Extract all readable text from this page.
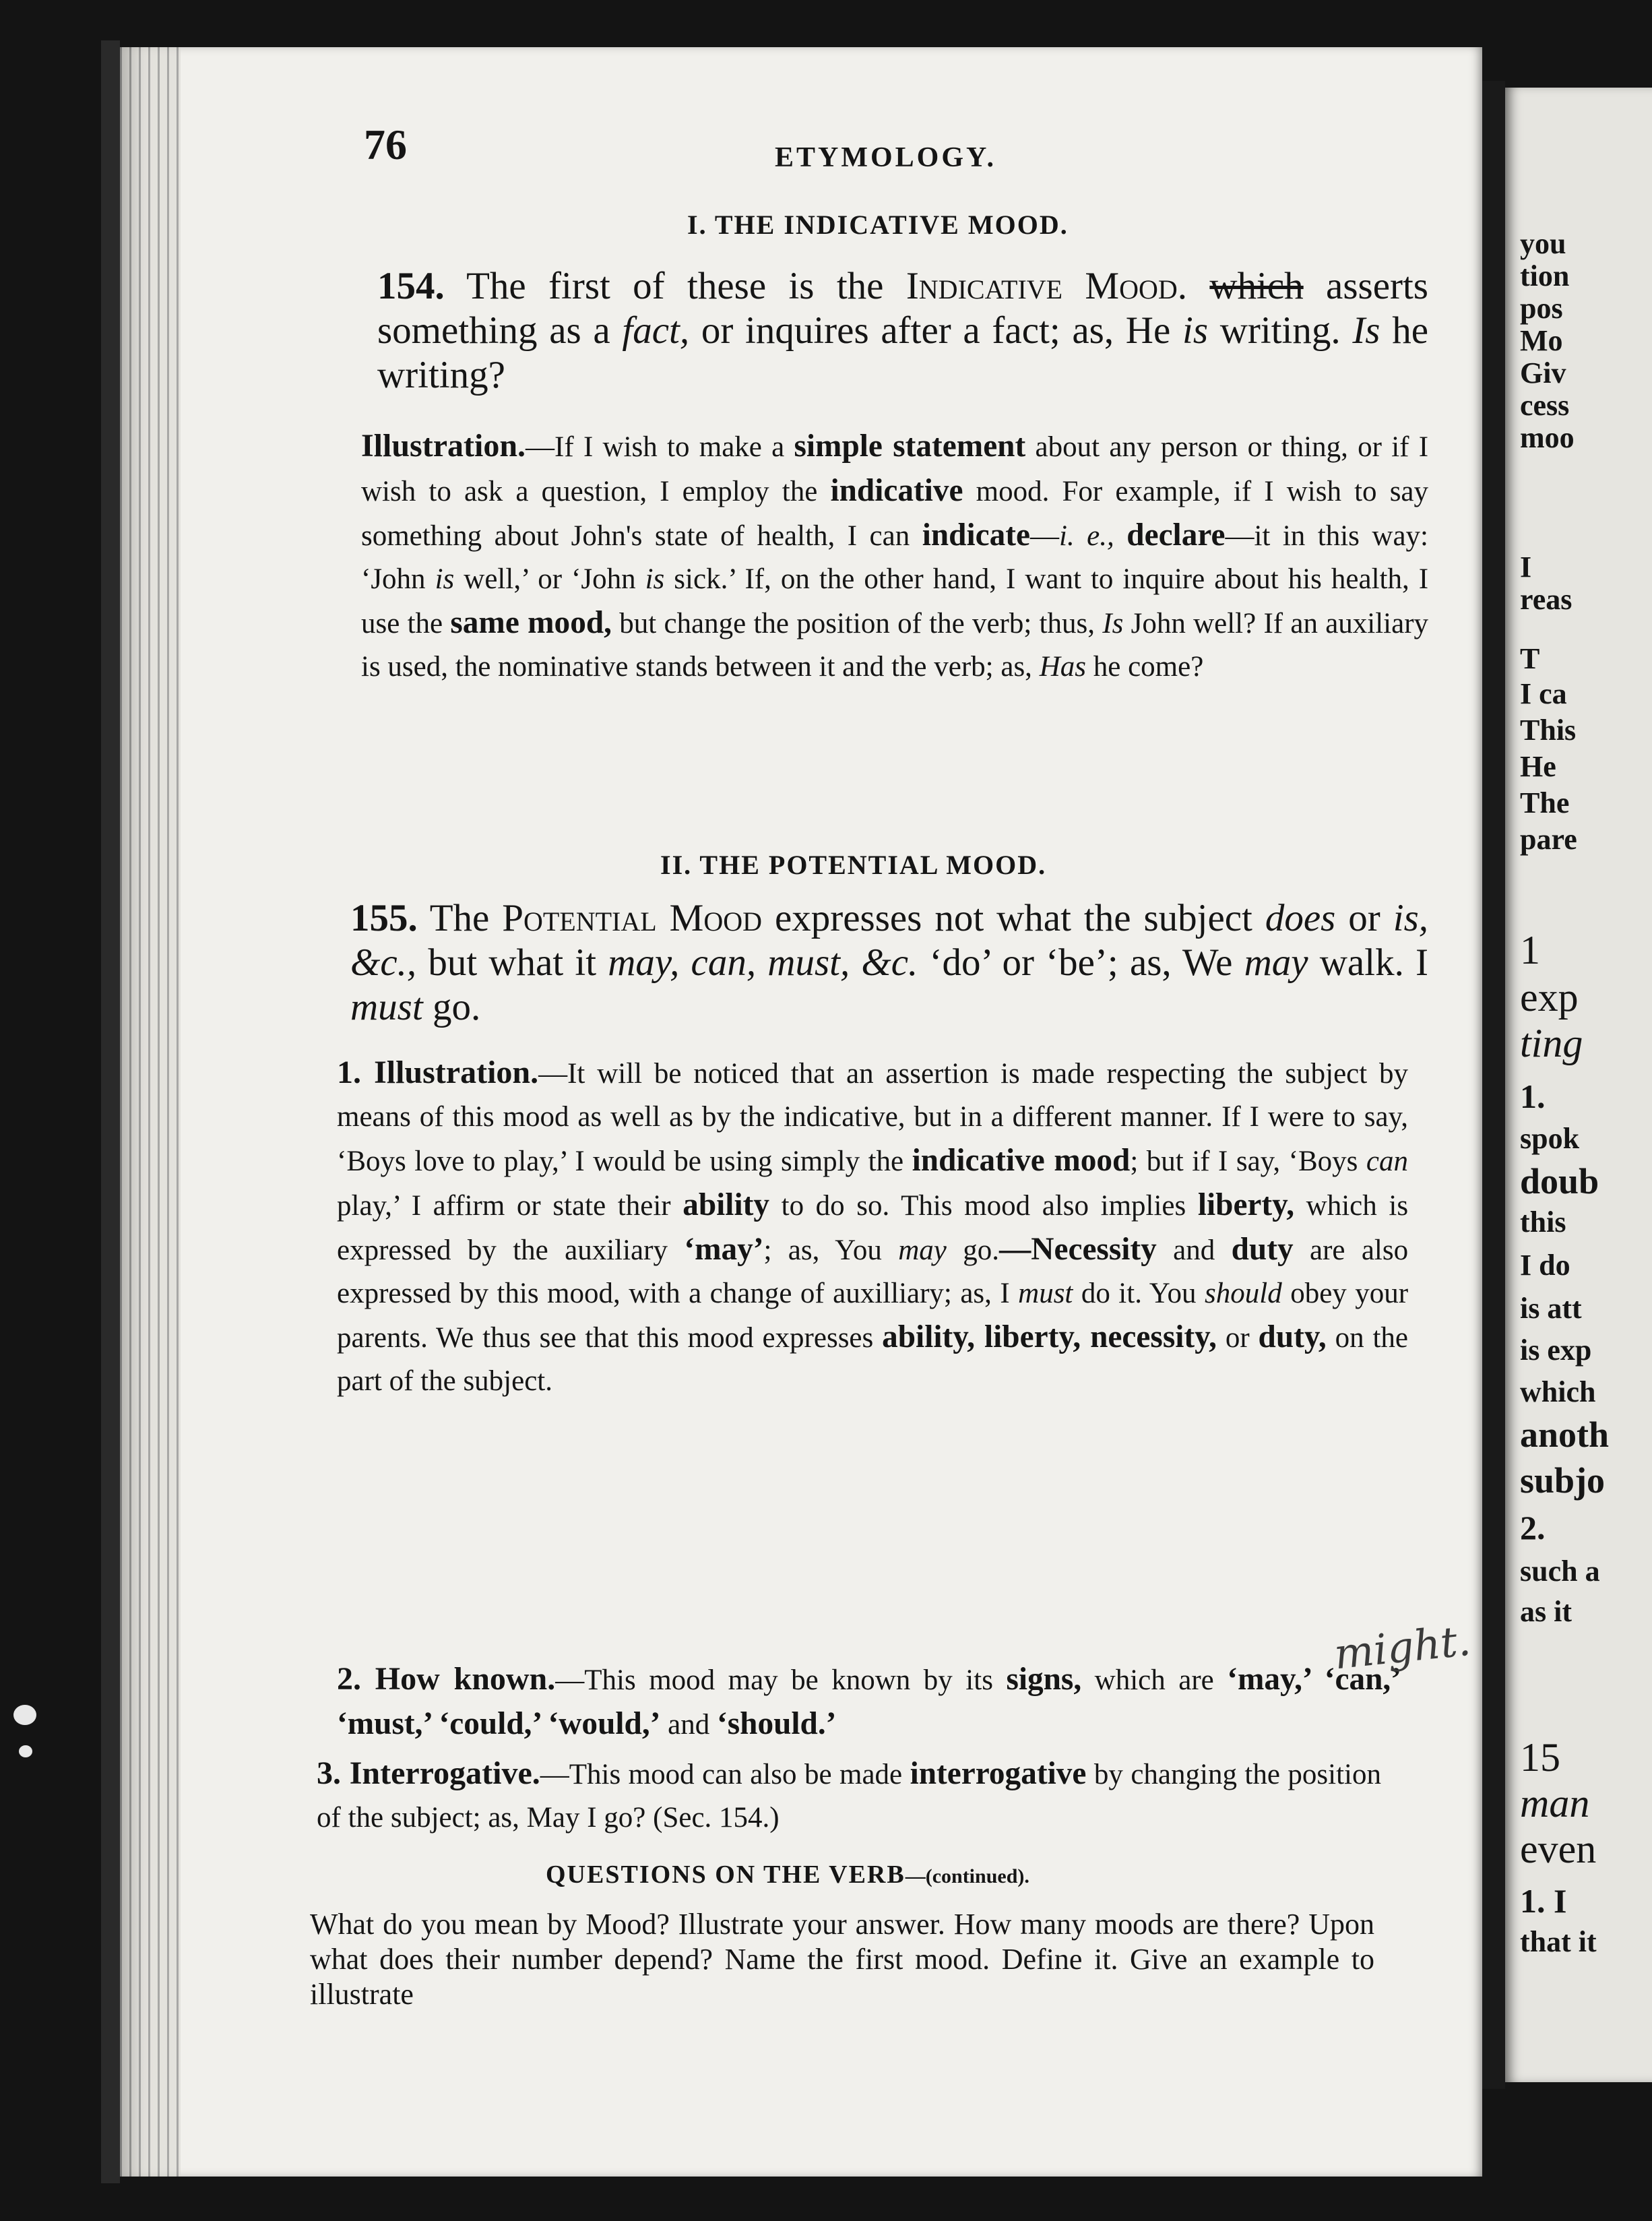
you
tion
pos
Mo
Giv
cess
moo
I
reas
T
I ca
This
He
The
pare
1
exp
ting
1.
spok
doub
this
I do
is att
is exp
which
anoth
subjo
2.
such a
as it
15
man
even
1. I
that it
76	ETYMOLOGY.
I. THE INDICATIVE MOOD.

154. The first of these is the Indicative Mood. which asserts something as a fact, or inquires after a fact; as, He is writing. Is he writing?

Illustration.—If I wish to make a simple statement about any person or thing, or if I wish to ask a question, I employ the indicative mood. For example, if I wish to say something about John's state of health, I can indicate—i. e., declare—it in this way: ‘John is well,’ or ‘John is sick.’ If, on the other hand, I want to inquire about his health, I use the same mood, but change the position of the verb; thus, Is John well? If an auxiliary is used, the nominative stands between it and the verb; as, Has he come?

II. THE POTENTIAL MOOD.

155. The Potential Mood expresses not what the subject does or is, &c., but what it may, can, must, &c. ‘do’ or ‘be’; as, We may walk. I must go.

1. Illustration.—It will be noticed that an assertion is made respecting the subject by means of this mood as well as by the indicative, but in a different manner. If I were to say, ‘Boys love to play,’ I would be using simply the indicative mood; but if I say, ‘Boys can play,’ I affirm or state their ability to do so. This mood also implies liberty, which is expressed by the auxiliary ‘may’; as, You may go.—Necessity and duty are also expressed by this mood, with a change of auxilliary; as, I must do it. You should obey your parents. We thus see that this mood expresses ability, liberty, necessity, or duty, on the part of the subject.

2. How known.—This mood may be known by its signs, which are ‘may,’ ‘can,’ ‘must,’ ‘could,’ ‘would,’ and ‘should.’

3. Interrogative.—This mood can also be made interrogative by changing the position of the subject; as, May I go? (Sec. 154.)

QUESTIONS ON THE VERB—(continued).

What do you mean by Mood? Illustrate your answer. How many moods are there? Upon what does their number depend? Name the first mood. Define it. Give an example to illustrate

might.
